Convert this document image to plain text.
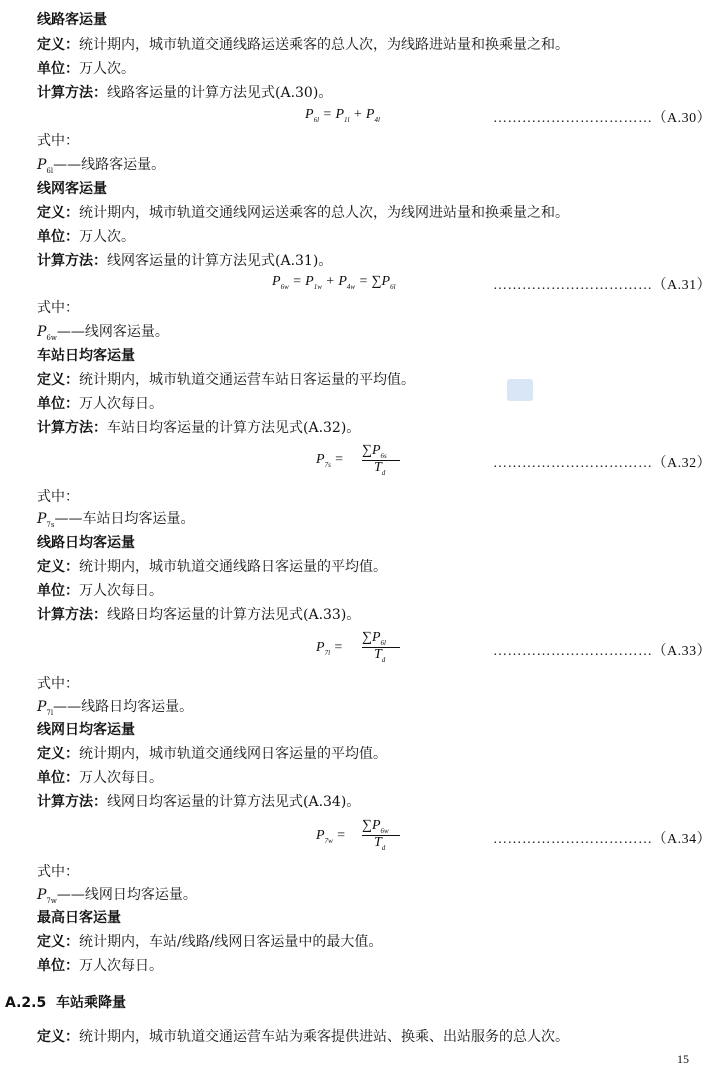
线路客运量
定义：统计期内，城市轨道交通线路运送乘客的总人次，为线路进站量和换乘量之和。
单位：万人次。
计算方法：线路客运量的计算方法见式(A.30)。
$P_{6l} = P_{1l} + P_{4l}$	……………………………（A.30）
式中：
$P_{6l}——$线路客运量。
线网客运量
定义：统计期内，城市轨道交通线网运送乘客的总人次，为线网进站量和换乘量之和。
单位：万人次。
计算方法：线网客运量的计算方法见式(A.31)。
$P_{6w} = P_{1w} + P_{4w} = \sum P_{6l}$	……………………………（A.31）
式中：
$P_{6w}——$线网客运量。
车站日均客运量
定义：统计期内，城市轨道交通运营车站日客运量的平均值。
单位：万人次每日。
计算方法：车站日均客运量的计算方法见式(A.32)。
$P_{7s}$ =
$\sum P_{6s}$
$T_d$
……………………………（A.32）
式中：
$P_{7s}——$车站日均客运量。
线路日均客运量
定义：统计期内，城市轨道交通线路日客运量的平均值。
单位：万人次每日。
计算方法：线路日均客运量的计算方法见式(A.33)。
$P_{7l}$ =
$\sum P_{6l}$
$T_d$
……………………………（A.33）
式中：
$P_{7l}——$线路日均客运量。
线网日均客运量
定义：统计期内，城市轨道交通线网日客运量的平均值。
单位：万人次每日。
计算方法：线网日均客运量的计算方法见式(A.34)。
$P_{7w}$ =
$\sum P_{6w}$
$T_d$
……………………………（A.34）
式中：
$P_{7w}——$线网日均客运量。
最高日客运量
定义：统计期内，车站/线路/线网日客运量中的最大值。
单位：万人次每日。
A.2.5 车站乘降量
定义：统计期内，城市轨道交通运营车站为乘客提供进站、换乘、出站服务的总人次。
15
